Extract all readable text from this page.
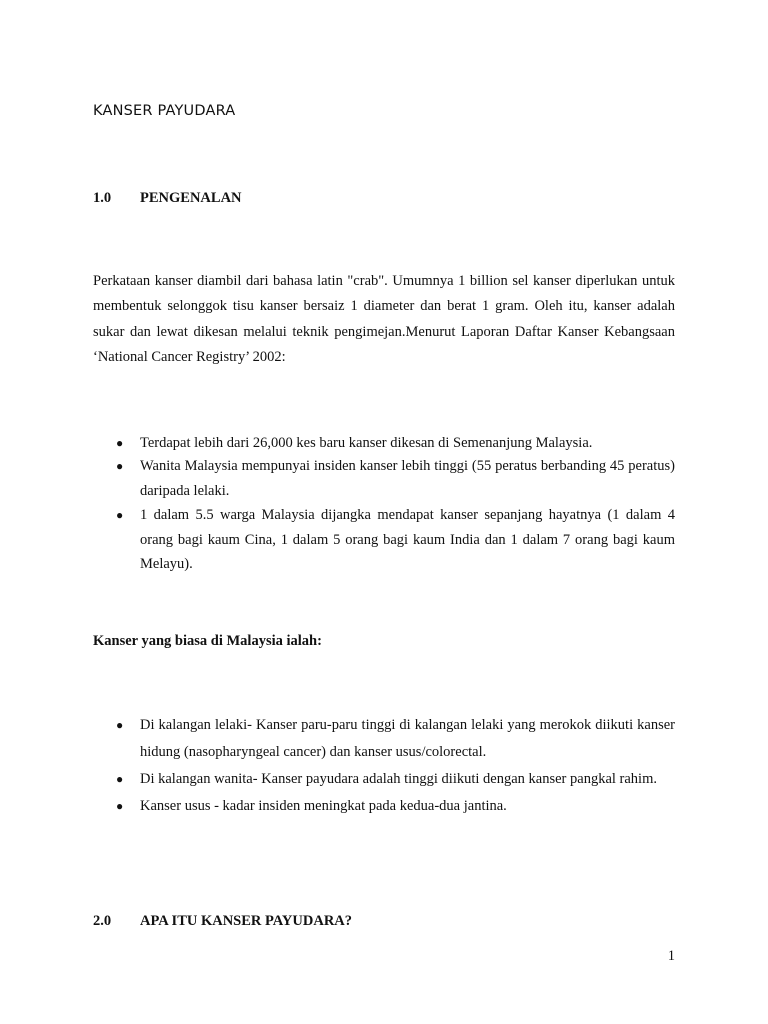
KANSER PAYUDARA
1.0 PENGENALAN

Perkataan kanser diambil dari bahasa latin "crab". Umumnya 1 billion sel kanser diperlukan untuk membentuk selonggok tisu kanser bersaiz 1 diameter dan berat 1 gram. Oleh itu, kanser adalah sukar dan lewat dikesan melalui teknik pengimejan.Menurut Laporan Daftar Kanser Kebangsaan ‘National Cancer Registry’ 2002:

● Terdapat lebih dari 26,000 kes baru kanser dikesan di Semenanjung Malaysia.
● Wanita Malaysia mempunyai insiden kanser lebih tinggi (55 peratus berbanding 45 peratus) daripada lelaki.
● 1 dalam 5.5 warga Malaysia dijangka mendapat kanser sepanjang hayatnya (1 dalam 4 orang bagi kaum Cina, 1 dalam 5 orang bagi kaum India dan 1 dalam 7 orang bagi kaum Melayu).

Kanser yang biasa di Malaysia ialah:

● Di kalangan lelaki- Kanser paru-paru tinggi di kalangan lelaki yang merokok diikuti kanser hidung (nasopharyngeal cancer) dan kanser usus/colorectal.
● Di kalangan wanita- Kanser payudara adalah tinggi diikuti dengan kanser pangkal rahim.
● Kanser usus - kadar insiden meningkat pada kedua-dua jantina.
2.0 APA ITU KANSER PAYUDARA?

1
